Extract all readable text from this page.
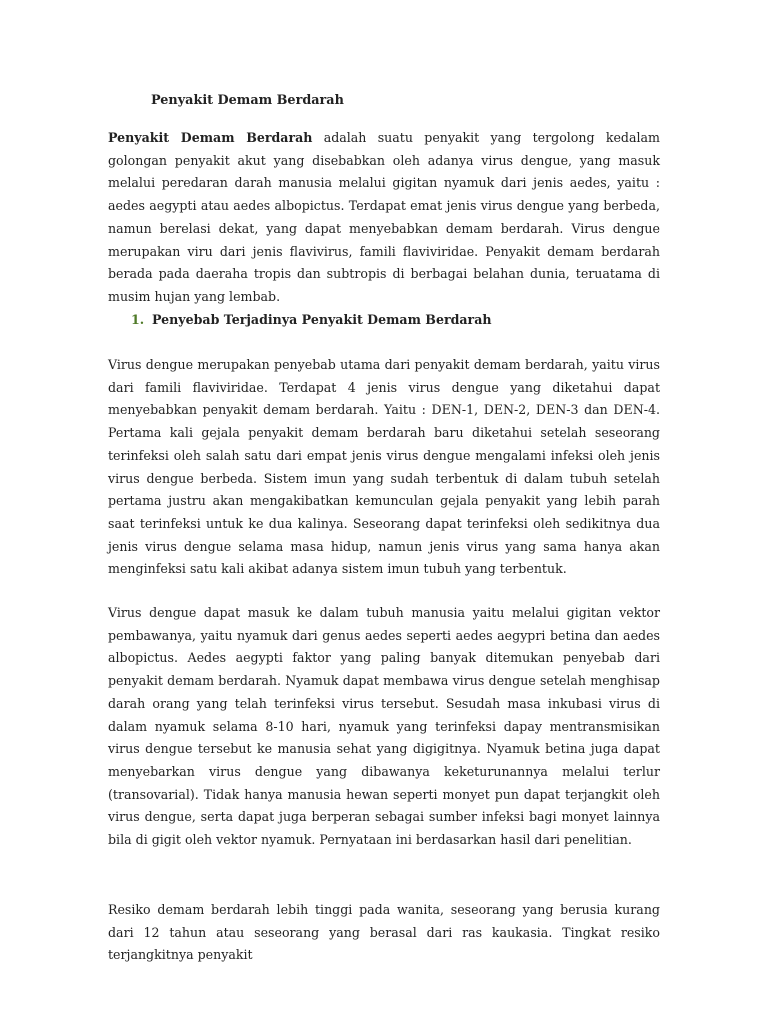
Penyakit Demam Berdarah

Penyakit Demam Berdarah adalah suatu penyakit yang tergolong kedalam golongan penyakit akut yang disebabkan oleh adanya virus dengue, yang masuk melalui peredaran darah manusia melalui gigitan nyamuk dari jenis aedes, yaitu : aedes aegypti atau aedes albopictus. Terdapat emat jenis virus dengue yang berbeda, namun berelasi dekat, yang dapat menyebabkan demam berdarah. Virus dengue merupakan viru dari jenis flavivirus, famili flaviviridae. Penyakit demam berdarah berada pada daeraha tropis dan subtropis di berbagai belahan dunia, teruatama di musim hujan yang lembab.

1. Penyebab Terjadinya Penyakit Demam Berdarah

Virus dengue merupakan penyebab utama dari penyakit demam berdarah, yaitu virus dari famili flaviviridae. Terdapat 4 jenis virus dengue yang diketahui dapat menyebabkan penyakit demam berdarah. Yaitu : DEN-1, DEN-2, DEN-3 dan DEN-4. Pertama kali gejala penyakit demam berdarah baru diketahui setelah seseorang terinfeksi oleh salah satu dari empat jenis virus dengue mengalami infeksi oleh jenis virus dengue berbeda. Sistem imun yang sudah terbentuk di dalam tubuh setelah pertama justru akan mengakibatkan kemunculan gejala penyakit yang lebih parah saat terinfeksi untuk ke dua kalinya. Seseorang dapat terinfeksi oleh sedikitnya dua jenis virus dengue selama masa hidup, namun jenis virus yang sama hanya akan menginfeksi satu kali akibat adanya sistem imun tubuh yang terbentuk.

Virus dengue dapat masuk ke dalam tubuh manusia yaitu melalui gigitan vektor pembawanya, yaitu nyamuk dari genus aedes seperti aedes aegypri betina dan aedes albopictus. Aedes aegypti faktor yang paling banyak ditemukan penyebab dari penyakit demam berdarah. Nyamuk dapat membawa virus dengue setelah menghisap darah orang yang telah terinfeksi virus tersebut. Sesudah masa inkubasi virus di dalam nyamuk selama 8-10 hari, nyamuk yang terinfeksi dapay mentransmisikan virus dengue tersebut ke manusia sehat yang digigitnya. Nyamuk betina juga dapat menyebarkan virus dengue yang dibawanya keketurunannya melalui terlur (transovarial). Tidak hanya manusia hewan seperti monyet pun dapat terjangkit oleh virus dengue, serta dapat juga berperan sebagai sumber infeksi bagi monyet lainnya bila di gigit oleh vektor nyamuk. Pernyataan ini berdasarkan hasil dari penelitian.

Resiko demam berdarah lebih tinggi pada wanita, seseorang yang berusia kurang dari 12 tahun atau seseorang yang berasal dari ras kaukasia. Tingkat resiko terjangkitnya penyakit
